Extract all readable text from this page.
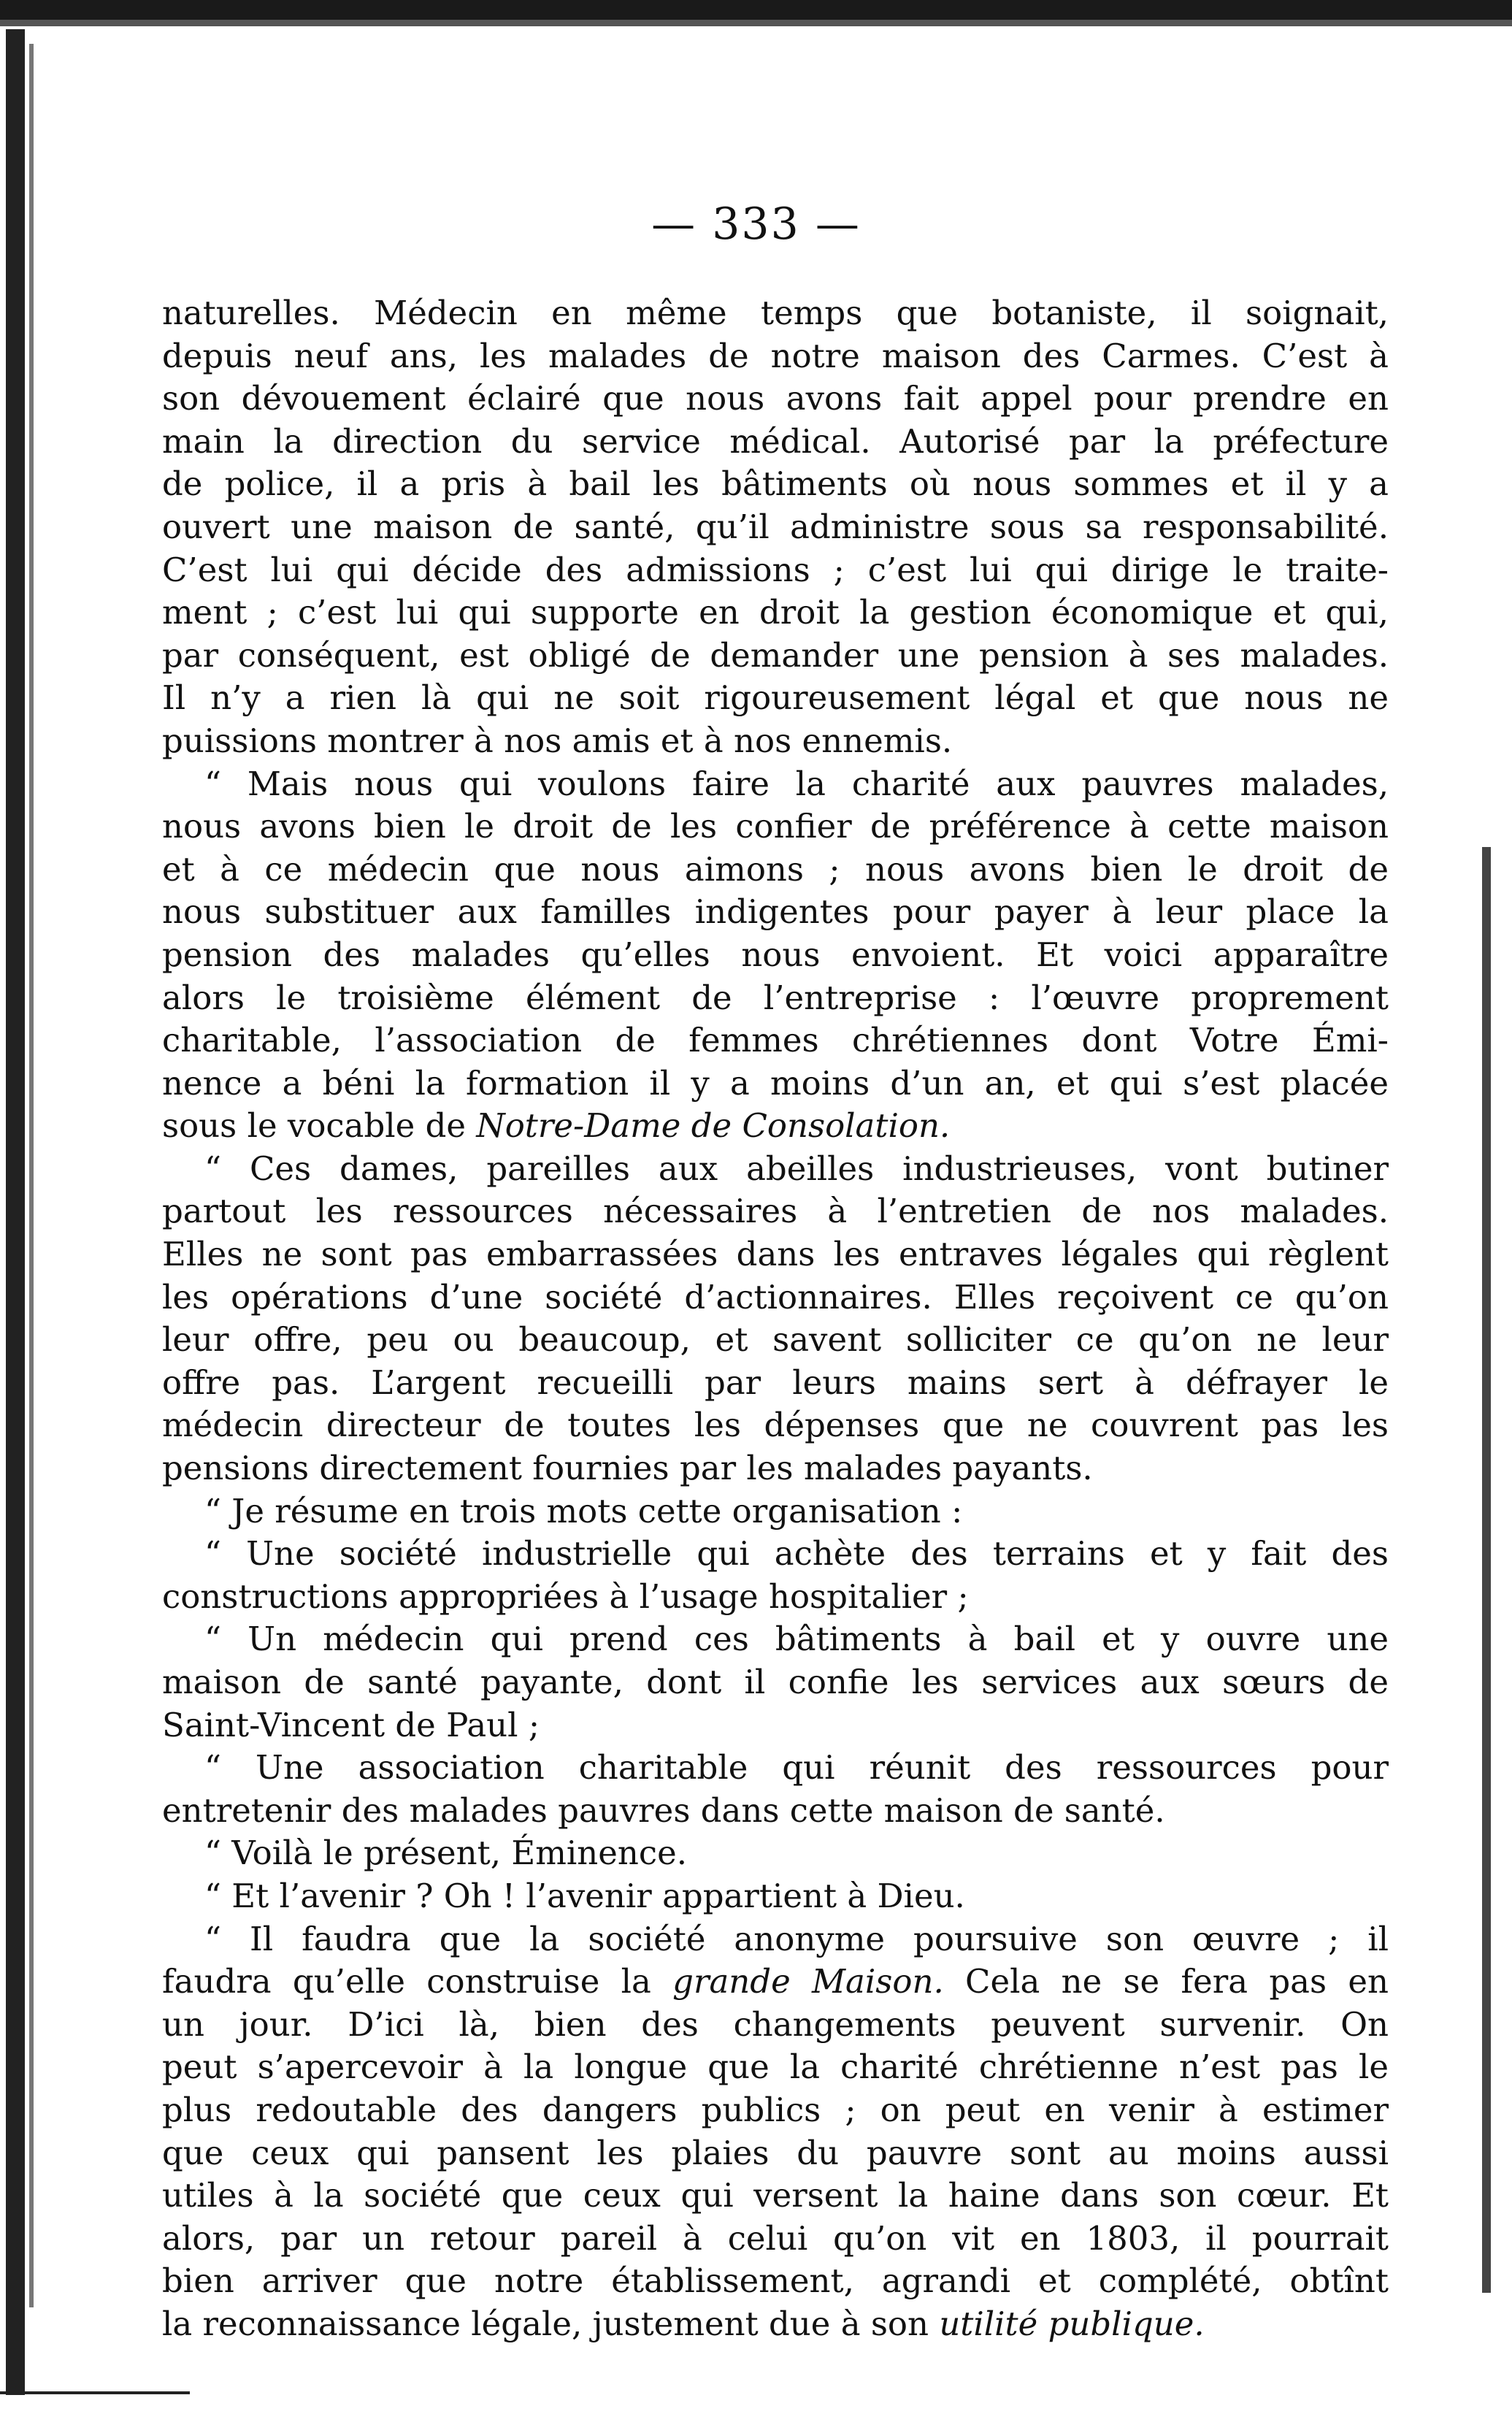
— 333 —
naturelles. Médecin en même temps que botaniste, il soignait,
depuis neuf ans, les malades de notre maison des Carmes. C’est à
son dévouement éclairé que nous avons fait appel pour prendre en
main la direction du service médical. Autorisé par la préfecture
de police, il a pris à bail les bâtiments où nous sommes et il y a
ouvert une maison de santé, qu’il administre sous sa responsabilité.
C’est lui qui décide des admissions ; c’est lui qui dirige le traite-
ment ; c’est lui qui supporte en droit la gestion économique et qui,
par conséquent, est obligé de demander une pension à ses malades.
Il n’y a rien là qui ne soit rigoureusement légal et que nous ne
puissions montrer à nos amis et à nos ennemis.
“ Mais nous qui voulons faire la charité aux pauvres malades,
nous avons bien le droit de les confier de préférence à cette maison
et à ce médecin que nous aimons ; nous avons bien le droit de
nous substituer aux familles indigentes pour payer à leur place la
pension des malades qu’elles nous envoient. Et voici apparaître
alors le troisième élément de l’entreprise : l’œuvre proprement
charitable, l’association de femmes chrétiennes dont Votre Émi-
nence a béni la formation il y a moins d’un an, et qui s’est placée
sous le vocable de Notre-Dame de Consolation.
“ Ces dames, pareilles aux abeilles industrieuses, vont butiner
partout les ressources nécessaires à l’entretien de nos malades.
Elles ne sont pas embarrassées dans les entraves légales qui règlent
les opérations d’une société d’actionnaires. Elles reçoivent ce qu’on
leur offre, peu ou beaucoup, et savent solliciter ce qu’on ne leur
offre pas. L’argent recueilli par leurs mains sert à défrayer le
médecin directeur de toutes les dépenses que ne couvrent pas les
pensions directement fournies par les malades payants.
“ Je résume en trois mots cette organisation :
“ Une société industrielle qui achète des terrains et y fait des
constructions appropriées à l’usage hospitalier ;
“ Un médecin qui prend ces bâtiments à bail et y ouvre une
maison de santé payante, dont il confie les services aux sœurs de
Saint-Vincent de Paul ;
“ Une association charitable qui réunit des ressources pour
entretenir des malades pauvres dans cette maison de santé.
“ Voilà le présent, Éminence.
“ Et l’avenir ? Oh ! l’avenir appartient à Dieu.
“ Il faudra que la société anonyme poursuive son œuvre ; il
faudra qu’elle construise la grande Maison. Cela ne se fera pas en
un jour. D’ici là, bien des changements peuvent survenir. On
peut s’apercevoir à la longue que la charité chrétienne n’est pas le
plus redoutable des dangers publics ; on peut en venir à estimer
que ceux qui pansent les plaies du pauvre sont au moins aussi
utiles à la société que ceux qui versent la haine dans son cœur. Et
alors, par un retour pareil à celui qu’on vit en 1803, il pourrait
bien arriver que notre établissement, agrandi et complété, obtînt
la reconnaissance légale, justement due à son utilité publique.
